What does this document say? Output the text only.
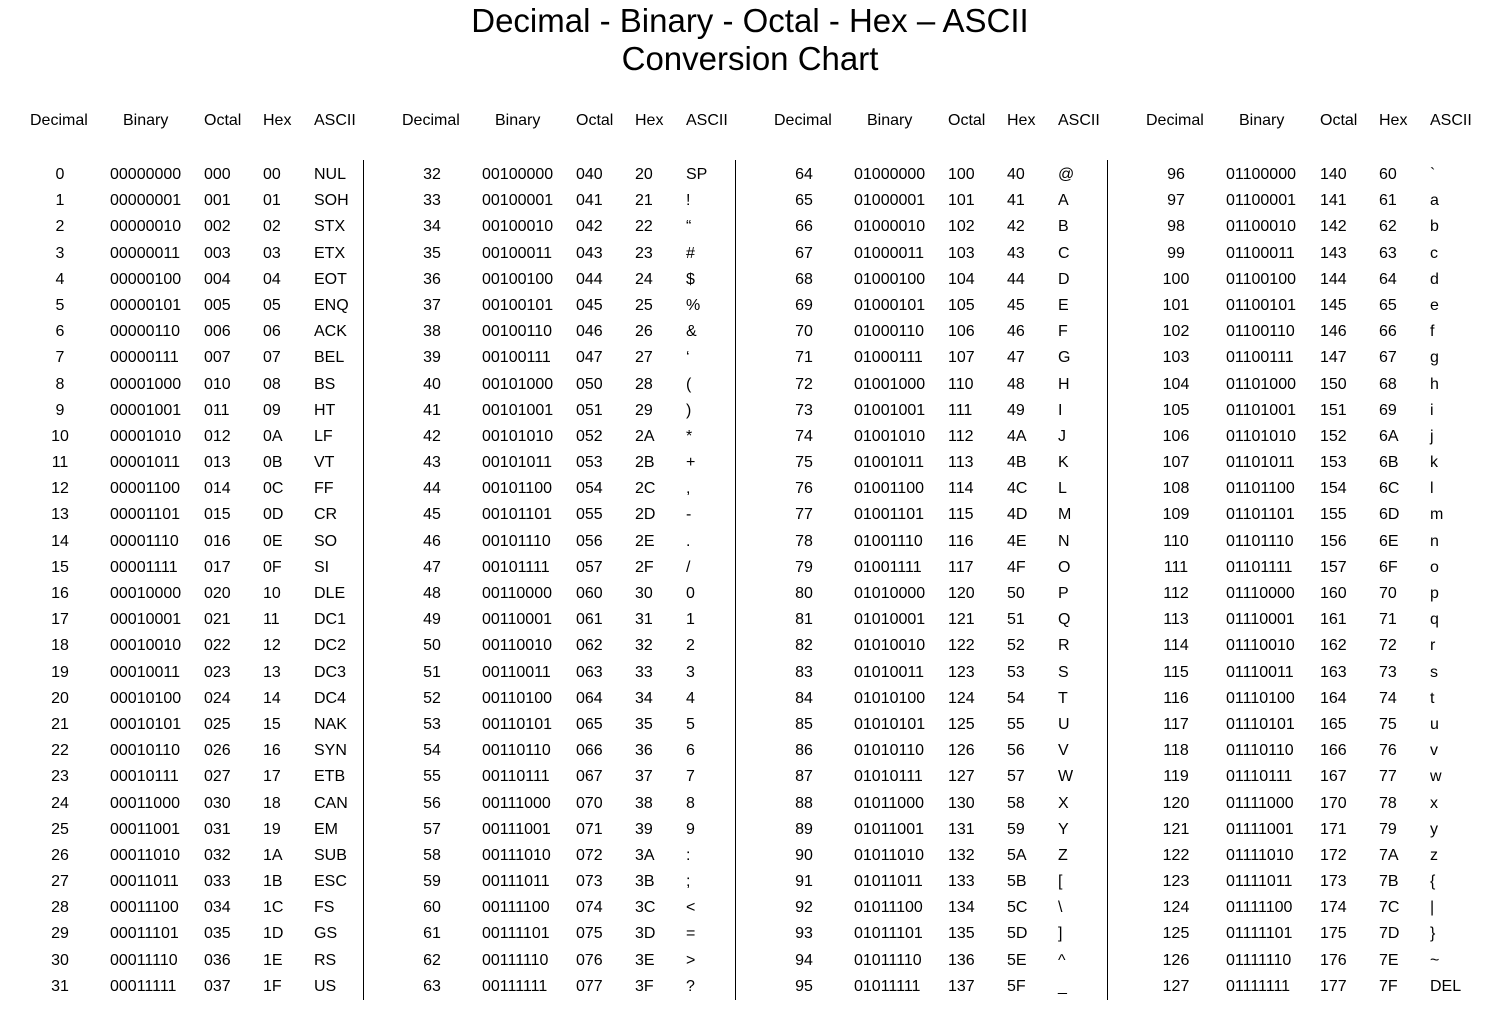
Decimal - Binary - Octal - Hex – ASCII
Conversion Chart
Decimal Binary Octal Hex ASCII
0	00000000 000 00 NUL
1	00000001 001 01 SOH
2	00000010 002 02 STX
3	00000011 003 03 ETX
4	00000100 004 04 EOT
5	00000101 005 05 ENQ
6	00000110 006 06 ACK
7	00000111 007 07 BEL
8	00001000 010 08 BS
9	00001001 011 09 HT
10	00001010 012 0A LF
11	00001011 013 0B VT
12	00001100 014 0C FF
13	00001101 015 0D CR
14	00001110 016 0E SO
15	00001111 017 0F SI
16	00010000 020 10 DLE
17	00010001 021 11 DC1
18	00010010 022 12 DC2
19	00010011 023 13 DC3
20	00010100 024 14 DC4
21	00010101 025 15 NAK
22	00010110 026 16 SYN
23	00010111 027 17 ETB
24	00011000 030 18 CAN
25	00011001 031 19 EM
26	00011010 032 1A SUB
27	00011011 033 1B ESC
28	00011100 034 1C FS
29	00011101 035 1D GS
30	00011110 036 1E RS
31	00011111 037 1F US
Decimal Binary Octal Hex ASCII
32	00100000 040 20 SP
33	00100001 041 21 !
34	00100010 042 22 “
35	00100011 043 23 #
36	00100100 044 24 $
37	00100101 045 25 %
38	00100110 046 26 &
39	00100111 047 27 ‘
40	00101000 050 28 (
41	00101001 051 29 )
42	00101010 052 2A *
43	00101011 053 2B +
44	00101100 054 2C ,
45	00101101 055 2D -
46	00101110 056 2E .
47	00101111 057 2F /
48	00110000 060 30 0
49	00110001 061 31 1
50	00110010 062 32 2
51	00110011 063 33 3
52	00110100 064 34 4
53	00110101 065 35 5
54	00110110 066 36 6
55	00110111 067 37 7
56	00111000 070 38 8
57	00111001 071 39 9
58	00111010 072 3A :
59	00111011 073 3B ;
60	00111100 074 3C <
61	00111101 075 3D =
62	00111110 076 3E >
63	00111111 077 3F ?
Decimal Binary Octal Hex ASCII
64	01000000 100 40 @
65	01000001 101 41 A
66	01000010 102 42 B
67	01000011 103 43 C
68	01000100 104 44 D
69	01000101 105 45 E
70	01000110 106 46 F
71	01000111 107 47 G
72	01001000 110 48 H
73	01001001 111 49 I
74	01001010 112 4A J
75	01001011 113 4B K
76	01001100 114 4C L
77	01001101 115 4D M
78	01001110 116 4E N
79	01001111 117 4F O
80	01010000 120 50 P
81	01010001 121 51 Q
82	01010010 122 52 R
83	01010011 123 53 S
84	01010100 124 54 T
85	01010101 125 55 U
86	01010110 126 56 V
87	01010111 127 57 W
88	01011000 130 58 X
89	01011001 131 59 Y
90	01011010 132 5A Z
91	01011011 133 5B [
92	01011100 134 5C \
93	01011101 135 5D ]
94	01011110 136 5E ^
95	01011111 137 5F _
Decimal Binary Octal Hex ASCII
96	01100000 140 60 `
97	01100001 141 61 a
98	01100010 142 62 b
99	01100011 143 63 c
100	01100100 144 64 d
101	01100101 145 65 e
102	01100110 146 66 f
103	01100111 147 67 g
104	01101000 150 68 h
105	01101001 151 69 i
106	01101010 152 6A j
107	01101011 153 6B k
108	01101100 154 6C l
109	01101101 155 6D m
110	01101110 156 6E n
111	01101111 157 6F o
112	01110000 160 70 p
113	01110001 161 71 q
114	01110010 162 72 r
115	01110011 163 73 s
116	01110100 164 74 t
117	01110101 165 75 u
118	01110110 166 76 v
119	01110111 167 77 w
120	01111000 170 78 x
121	01111001 171 79 y
122	01111010 172 7A z
123	01111011 173 7B {
124	01111100 174 7C |
125	01111101 175 7D }
126	01111110 176 7E ~
127	01111111 177 7F DEL
